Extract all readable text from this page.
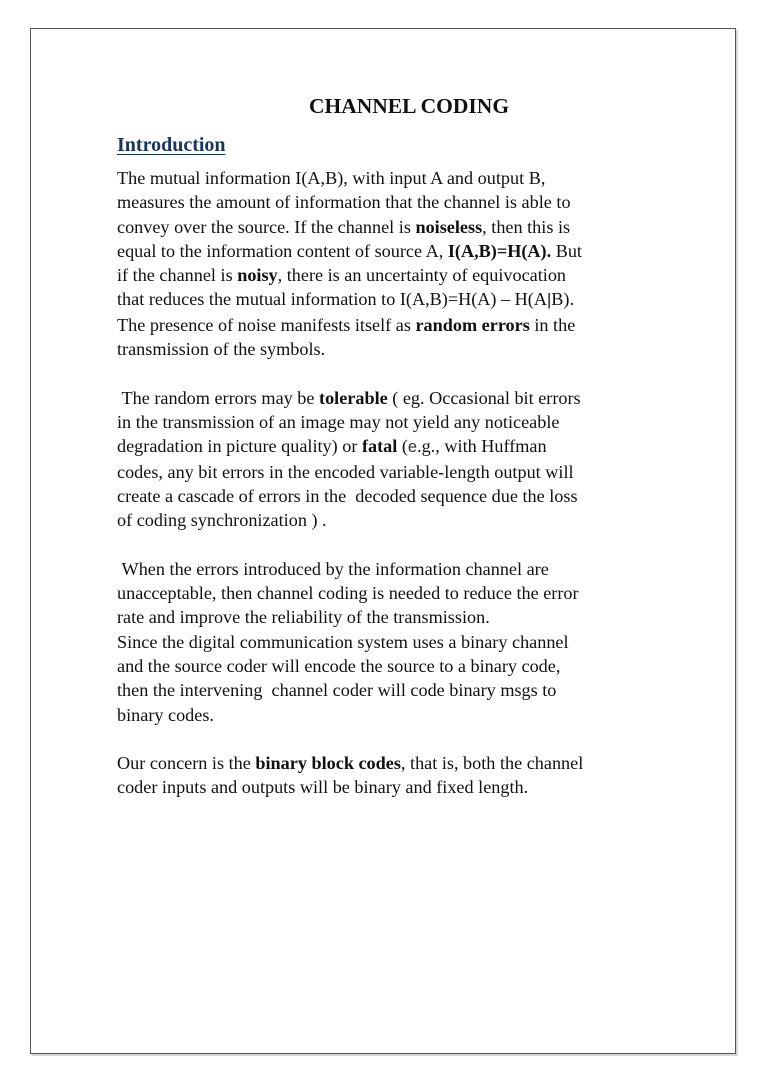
CHANNEL CODING
Introduction

The mutual information I(A,B), with input A and output B,
measures the amount of information that the channel is able to
convey over the source. If the channel is noiseless, then this is
equal to the information content of source A, I(A,B)=H(A). But
if the channel is noisy, there is an uncertainty of equivocation
that reduces the mutual information to I(A,B)=H(A) – H(A|B).
The presence of noise manifests itself as random errors in the
transmission of the symbols.

The random errors may be tolerable ( eg. Occasional bit errors
in the transmission of an image may not yield any noticeable
degradation in picture quality) or fatal (e.g., with Huffman
codes, any bit errors in the encoded variable-length output will
create a cascade of errors in the  decoded sequence due the loss
of coding synchronization ) .

When the errors introduced by the information channel are
unacceptable, then channel coding is needed to reduce the error
rate and improve the reliability of the transmission.
Since the digital communication system uses a binary channel
and the source coder will encode the source to a binary code,
then the intervening  channel coder will code binary msgs to
binary codes.

Our concern is the binary block codes, that is, both the channel
coder inputs and outputs will be binary and fixed length.
